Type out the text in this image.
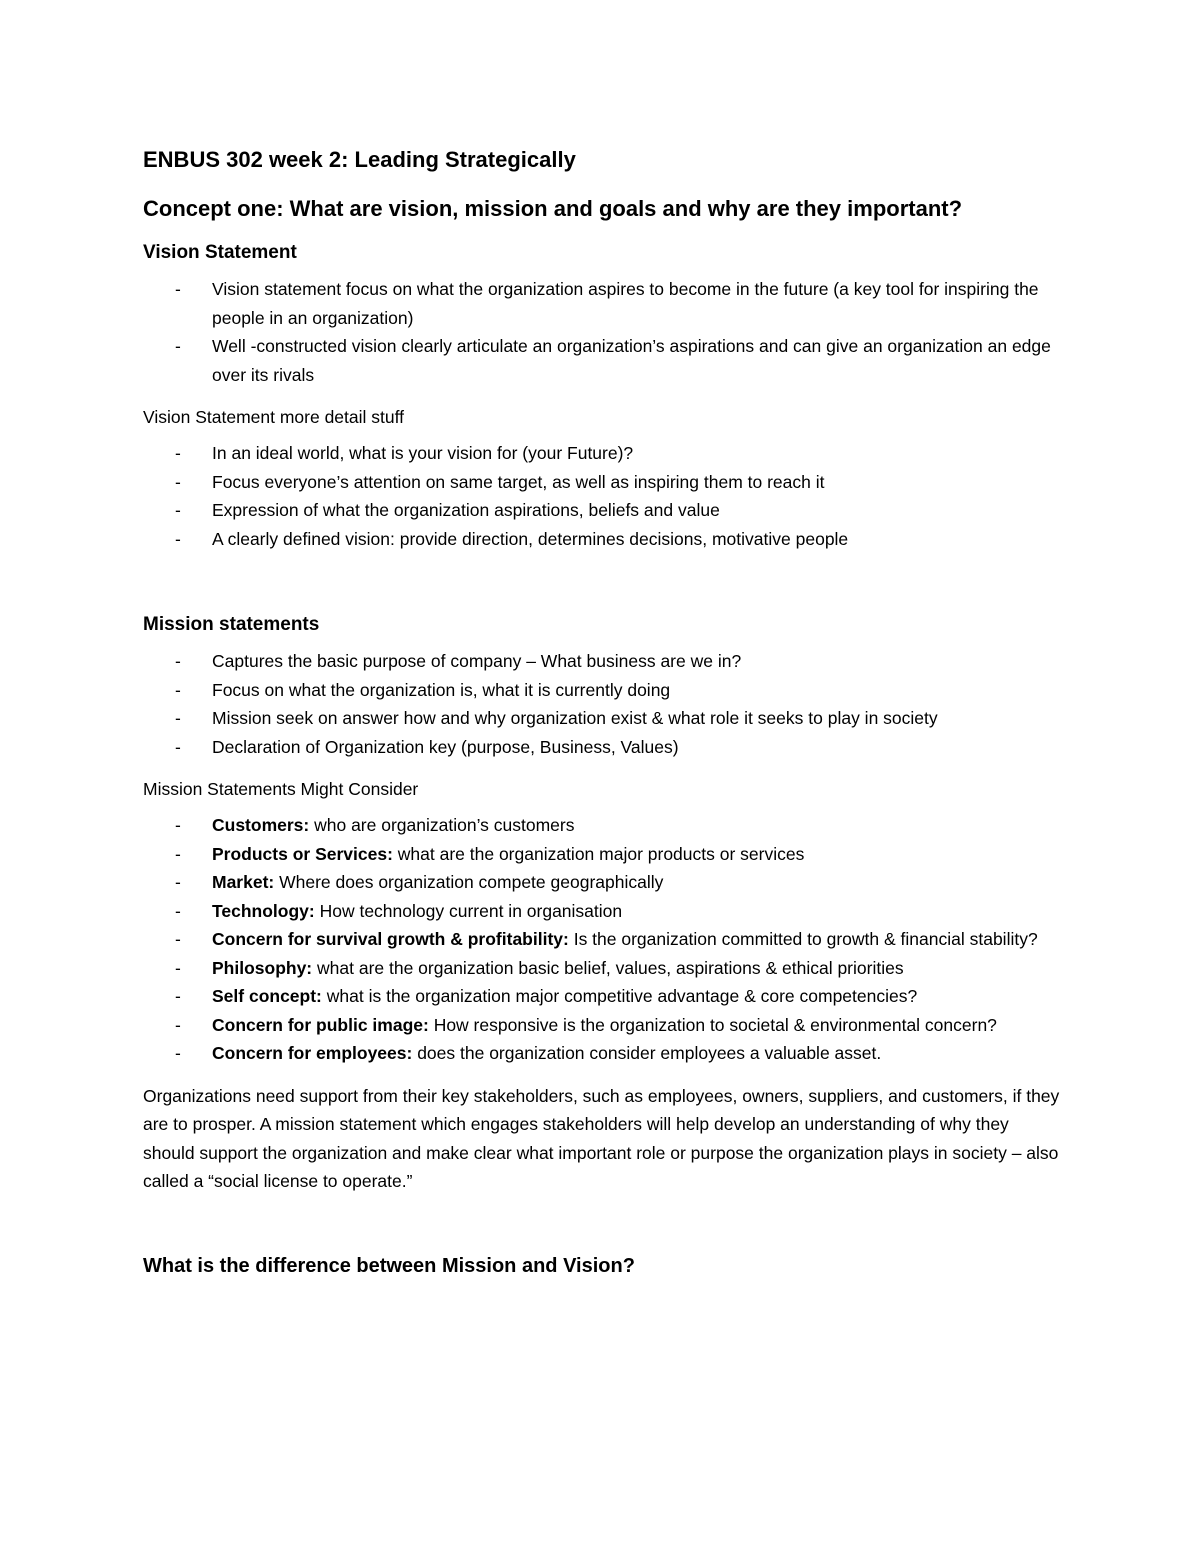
ENBUS 302 week 2: Leading Strategically
Concept one: What are vision, mission and goals and why are they important?
Vision Statement
- Vision statement focus on what the organization aspires to become in the future (a key tool for inspiring the people in an organization)
- Well -constructed vision clearly articulate an organization’s aspirations and can give an organization an edge over its rivals
Vision Statement more detail stuff
- In an ideal world, what is your vision for (your Future)?
- Focus everyone’s attention on same target, as well as inspiring them to reach it
- Expression of what the organization aspirations, beliefs and value
- A clearly defined vision: provide direction, determines decisions, motivative people
Mission statements
- Captures the basic purpose of company – What business are we in?
- Focus on what the organization is, what it is currently doing
- Mission seek on answer how and why organization exist & what role it seeks to play in society
- Declaration of Organization key (purpose, Business, Values)
Mission Statements Might Consider
- Customers: who are organization’s customers
- Products or Services: what are the organization major products or services
- Market: Where does organization compete geographically
- Technology: How technology current in organisation
- Concern for survival growth & profitability: Is the organization committed to growth & financial stability?
- Philosophy: what are the organization basic belief, values, aspirations & ethical priorities
- Self concept: what is the organization major competitive advantage & core competencies?
- Concern for public image: How responsive is the organization to societal & environmental concern?
- Concern for employees: does the organization consider employees a valuable asset.

Organizations need support from their key stakeholders, such as employees, owners, suppliers, and customers, if they are to prosper. A mission statement which engages stakeholders will help develop an understanding of why they should support the organization and make clear what important role or purpose the organization plays in society – also called a “social license to operate.”

What is the difference between Mission and Vision?
